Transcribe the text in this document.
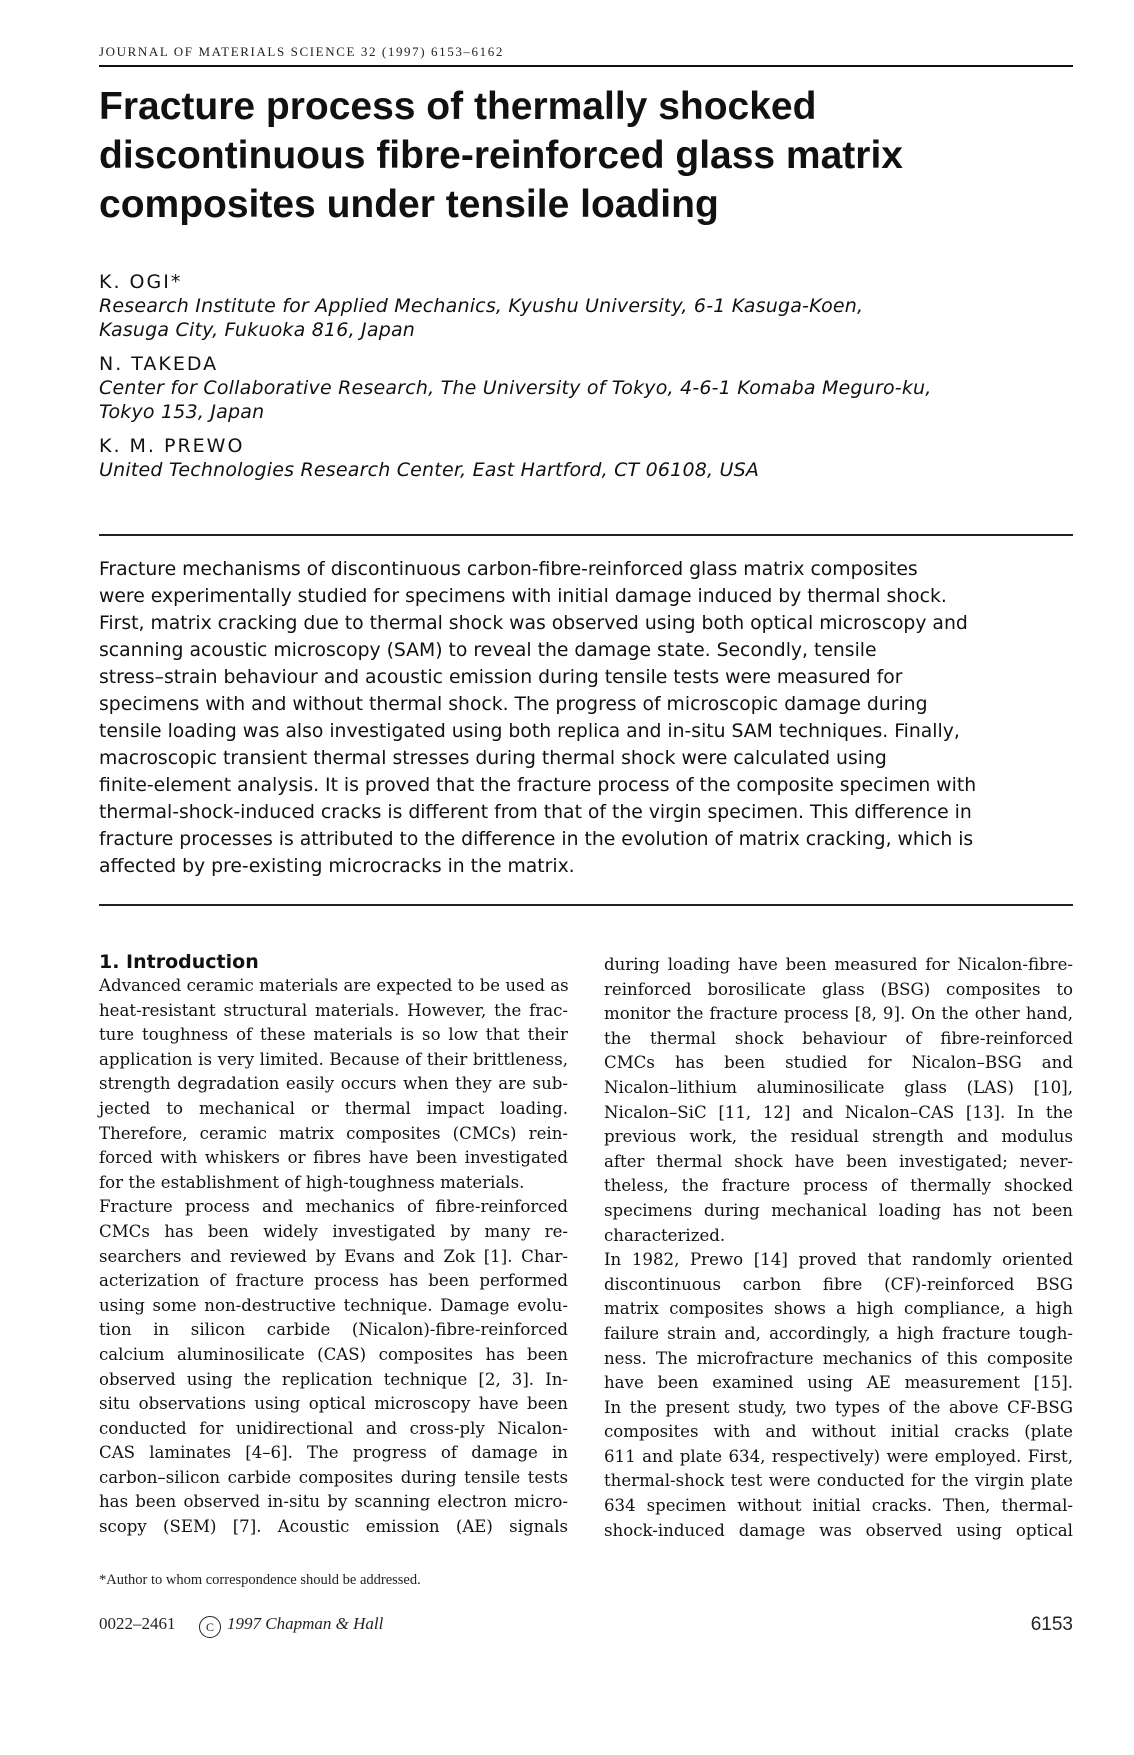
JOURNAL OF MATERIALS SCIENCE 32 (1997) 6153–6162
Fracture process of thermally shocked
discontinuous fibre-reinforced glass matrix
composites under tensile loading
K. OGI*
Research Institute for Applied Mechanics, Kyushu University, 6-1 Kasuga-Koen,
Kasuga City, Fukuoka 816, Japan
N. TAKEDA
Center for Collaborative Research, The University of Tokyo, 4-6-1 Komaba Meguro-ku,
Tokyo 153, Japan
K. M. PREWO
United Technologies Research Center, East Hartford, CT 06108, USA
Fracture mechanisms of discontinuous carbon-fibre-reinforced glass matrix composites
were experimentally studied for specimens with initial damage induced by thermal shock.
First, matrix cracking due to thermal shock was observed using both optical microscopy and
scanning acoustic microscopy (SAM) to reveal the damage state. Secondly, tensile
stress–strain behaviour and acoustic emission during tensile tests were measured for
specimens with and without thermal shock. The progress of microscopic damage during
tensile loading was also investigated using both replica and in-situ SAM techniques. Finally,
macroscopic transient thermal stresses during thermal shock were calculated using
finite-element analysis. It is proved that the fracture process of the composite specimen with
thermal-shock-induced cracks is different from that of the virgin specimen. This difference in
fracture processes is attributed to the difference in the evolution of matrix cracking, which is
affected by pre-existing microcracks in the matrix.
1. Introduction
Advanced ceramic materials are expected to be used as
heat-resistant structural materials. However, the frac-
ture toughness of these materials is so low that their
application is very limited. Because of their brittleness,
strength degradation easily occurs when they are sub-
jected to mechanical or thermal impact loading.
Therefore, ceramic matrix composites (CMCs) rein-
forced with whiskers or fibres have been investigated
for the establishment of high-toughness materials.
Fracture process and mechanics of fibre-reinforced
CMCs has been widely investigated by many re-
searchers and reviewed by Evans and Zok [1]. Char-
acterization of fracture process has been performed
using some non-destructive technique. Damage evolu-
tion in silicon carbide (Nicalon)-fibre-reinforced
calcium aluminosilicate (CAS) composites has been
observed using the replication technique [2, 3]. In-
situ observations using optical microscopy have been
conducted for unidirectional and cross-ply Nicalon-
CAS laminates [4–6]. The progress of damage in
carbon–silicon carbide composites during tensile tests
has been observed in-situ by scanning electron micro-
scopy (SEM) [7]. Acoustic emission (AE) signals
during loading have been measured for Nicalon-fibre-
reinforced borosilicate glass (BSG) composites to
monitor the fracture process [8, 9]. On the other hand,
the thermal shock behaviour of fibre-reinforced
CMCs has been studied for Nicalon–BSG and
Nicalon–lithium aluminosilicate glass (LAS) [10],
Nicalon–SiC [11, 12] and Nicalon–CAS [13]. In the
previous work, the residual strength and modulus
after thermal shock have been investigated; never-
theless, the fracture process of thermally shocked
specimens during mechanical loading has not been
characterized.
In 1982, Prewo [14] proved that randomly oriented
discontinuous carbon fibre (CF)-reinforced BSG
matrix composites shows a high compliance, a high
failure strain and, accordingly, a high fracture tough-
ness. The microfracture mechanics of this composite
have been examined using AE measurement [15].
In the present study, two types of the above CF-BSG
composites with and without initial cracks (plate
611 and plate 634, respectively) were employed. First,
thermal-shock test were conducted for the virgin plate
634 specimen without initial cracks. Then, thermal-
shock-induced damage was observed using optical
*Author to whom correspondence should be addressed.
0022–2461	C 1997 Chapman & Hall	6153
